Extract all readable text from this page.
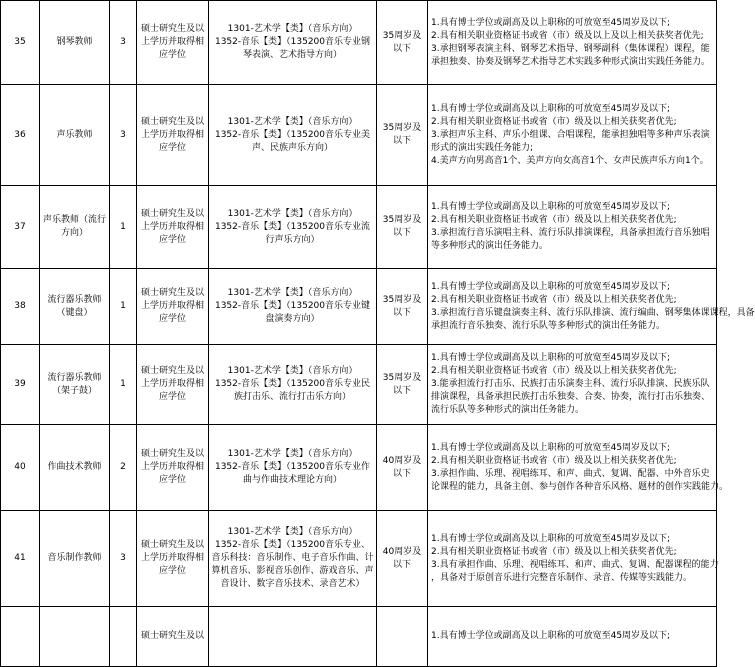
35	钢琴教师	3	硕士研究生及以上学历并取得相应学位	1301-艺术学【类】（音乐方向）
1352-音乐【类】（135200音乐专业钢琴表演、艺术指导方向）	35周岁及以下	1.具有博士学位或副高及以上职称的可放宽至45周岁及以下;
2.具有相关职业资格证书或省（市）级及以上及以上相关获奖者优先;
3.承担钢琴表演主科、钢琴艺术指导、钢琴副科（集体课程）课程，能
承担独奏、协奏及钢琴艺术指导艺术实践多种形式演出实践任务能力。

36	声乐教师	3	硕士研究生及以上学历并取得相应学位	1301-艺术学【类】（音乐方向）
1352-音乐【类】（135200音乐专业美声、民族声乐方向）	35周岁及以下	1.具有博士学位或副高及以上职称的可放宽至45周岁及以下;
2.具有相关职业资格证书或省（市）级及以上相关获奖者优先;
3.承担声乐主科、声乐小组课、合唱课程，能承担独唱等多种声乐表演
形式的演出实践任务能力;
4.美声方向男高音1个、美声方向女高音1个、女声民族声乐方向1个。

37	声乐教师（流行方向）	1	硕士研究生及以上学历并取得相应学位	1301-艺术学【类】（音乐方向）
1352-音乐【类】（135200音乐专业流行声乐方向）	35周岁及以下	1.具有博士学位或副高及以上职称的可放宽至45周岁及以下;
2.具有相关职业资格证书或省（市）级及以上相关获奖者优先;
3.承担流行音乐演唱主科、流行乐队排演课程，具备承担流行音乐独唱
等多种形式的演出任务能力。

38	流行器乐教师（键盘）	1	硕士研究生及以上学历并取得相应学位	1301-艺术学【类】（音乐方向）
1352-音乐【类】（135200音乐专业键盘演奏方向）	35周岁及以下	1.具有博士学位或副高及以上职称的可放宽至45周岁及以下;
2.具有相关职业资格证书或省（市）级及以上相关获奖者优先;
3.承担流行音乐键盘演奏主科、流行乐队排演、流行编曲、钢琴集体课课程，具备
承担流行音乐独奏、流行乐队等多种形式的演出任务能力。

39	流行器乐教师（架子鼓）	1	硕士研究生及以上学历并取得相应学位	1301-艺术学【类】（音乐方向）
1352-音乐【类】（135200音乐专业民族打击乐、流行打击乐方向）	35周岁及以下	1.具有博士学位或副高及以上职称的可放宽至45周岁及以下;
2.具有相关职业资格证书或省（市）级及以上相关获奖者优先;
3.能承担流行打击乐、民族打击乐演奏主科、流行乐队排演、民族乐队
排演课程，具备承担民族打击乐独奏、合奏、协奏，流行打击乐独奏、
流行乐队等多种形式的演出任务能力。

40	作曲技术教师	2	硕士研究生及以上学历并取得相应学位	1301-艺术学【类】（音乐方向）
1352-音乐【类】（135200音乐专业作曲与作曲技术理论方向）	40周岁及以下	1.具有博士学位或副高及以上职称的可放宽至45周岁及以下;
2.具有相关职业资格证书或省（市）级及以上相关获奖者优先;
3.承担作曲、乐理、视唱练耳、和声、曲式、复调、配器、中外音乐史
论课程的能力，具备主创、参与创作各种音乐风格、题材的创作实践能力。

41	音乐制作教师	3	硕士研究生及以上学历并取得相应学位	1301-艺术学【类】（音乐方向）
1352-音乐【类】（135200音乐专业、音乐科技：音乐制作、电子音乐作曲、计算机音乐、影视音乐创作、游戏音乐、声音设计、数字音乐技术、录音艺术）	40周岁及以下	1.具有博士学位或副高及以上职称的可放宽至45周岁及以下;
2.具有相关职业资格证书或省（市）级及以上相关获奖者优先;
3.具有承担作曲、乐理、视唱练耳、和声、曲式、复调、配器课程的能力
，具备对于原创音乐进行完整音乐制作、录音、传媒等实践能力。

			硕士研究生及以			1.具有博士学位或副高及以上职称的可放宽至45周岁及以下;
